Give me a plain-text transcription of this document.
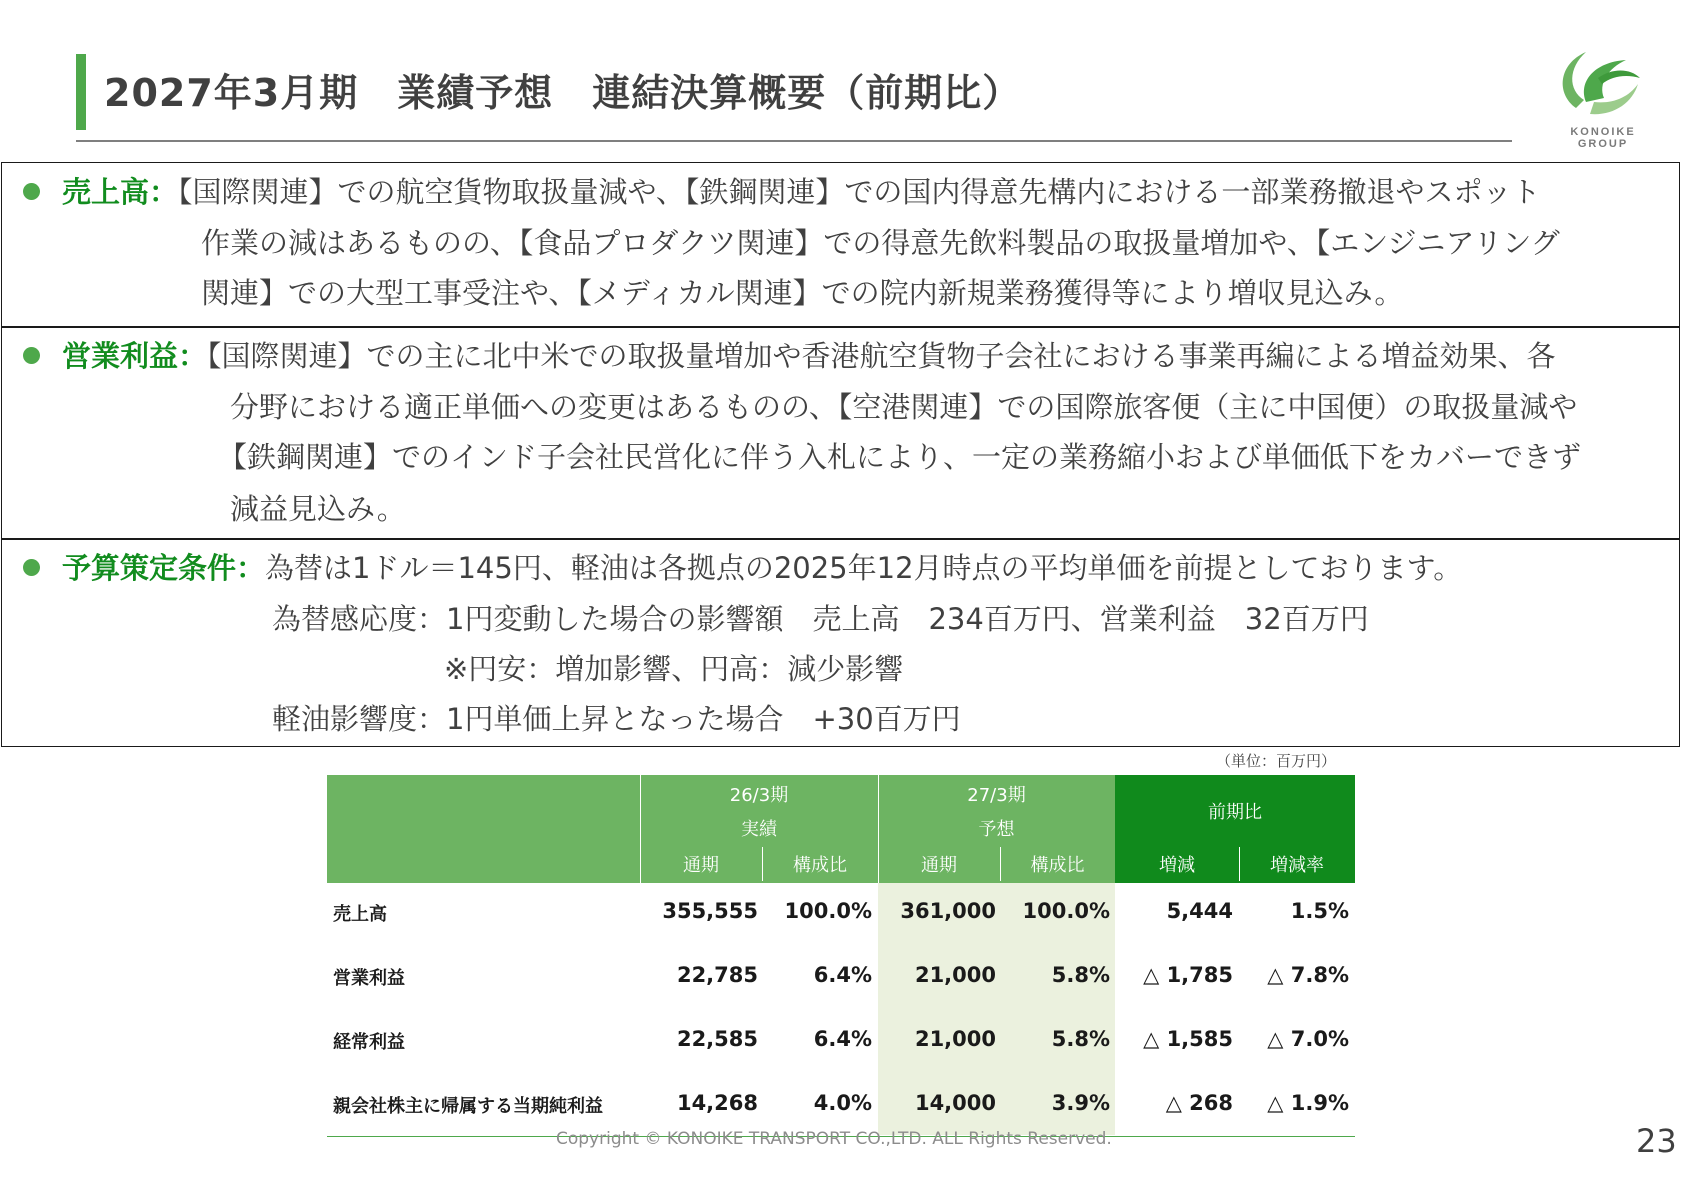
2027年3月期　業績予想　連結決算概要（前期比）
KONOIKE
GROUP
売上高：【国際関連】での航空貨物取扱量減や、【鉄鋼関連】での国内得意先構内における一部業務撤退やスポット
作業の減はあるものの、【食品プロダクツ関連】での得意先飲料製品の取扱量増加や、【エンジニアリング
関連】での大型工事受注や、【メディカル関連】での院内新規業務獲得等により増収見込み。
営業利益：【国際関連】での主に北中米での取扱量増加や香港航空貨物子会社における事業再編による増益効果、各
分野における適正単価への変更はあるものの、【空港関連】での国際旅客便（主に中国便）の取扱量減や
【鉄鋼関連】でのインド子会社民営化に伴う入札により、一定の業務縮小および単価低下をカバーできず
減益見込み。
予算策定条件：為替は1ドル＝145円、軽油は各拠点の2025年12月時点の平均単価を前提としております。
為替感応度：1円変動した場合の影響額　売上高　234百万円、営業利益　32百万円
※円安：増加影響、円高：減少影響
軽油影響度：1円単価上昇となった場合　+30百万円
（単位：百万円）
26/3期
実績
27/3期
予想
前期比
通期	構成比	通期	構成比	増減	増減率
売上高	355,555	100.0%	361,000	100.0%	5,444	1.5%
営業利益	22,785	6.4%	21,000	5.8%	△ 1,785	△ 7.8%
経常利益	22,585	6.4%	21,000	5.8%	△ 1,585	△ 7.0%
親会社株主に帰属する当期純利益	14,268	4.0%	14,000	3.9%	△ 268	△ 1.9%
Copyright © KONOIKE TRANSPORT CO.,LTD. ALL Rights Reserved.	23
